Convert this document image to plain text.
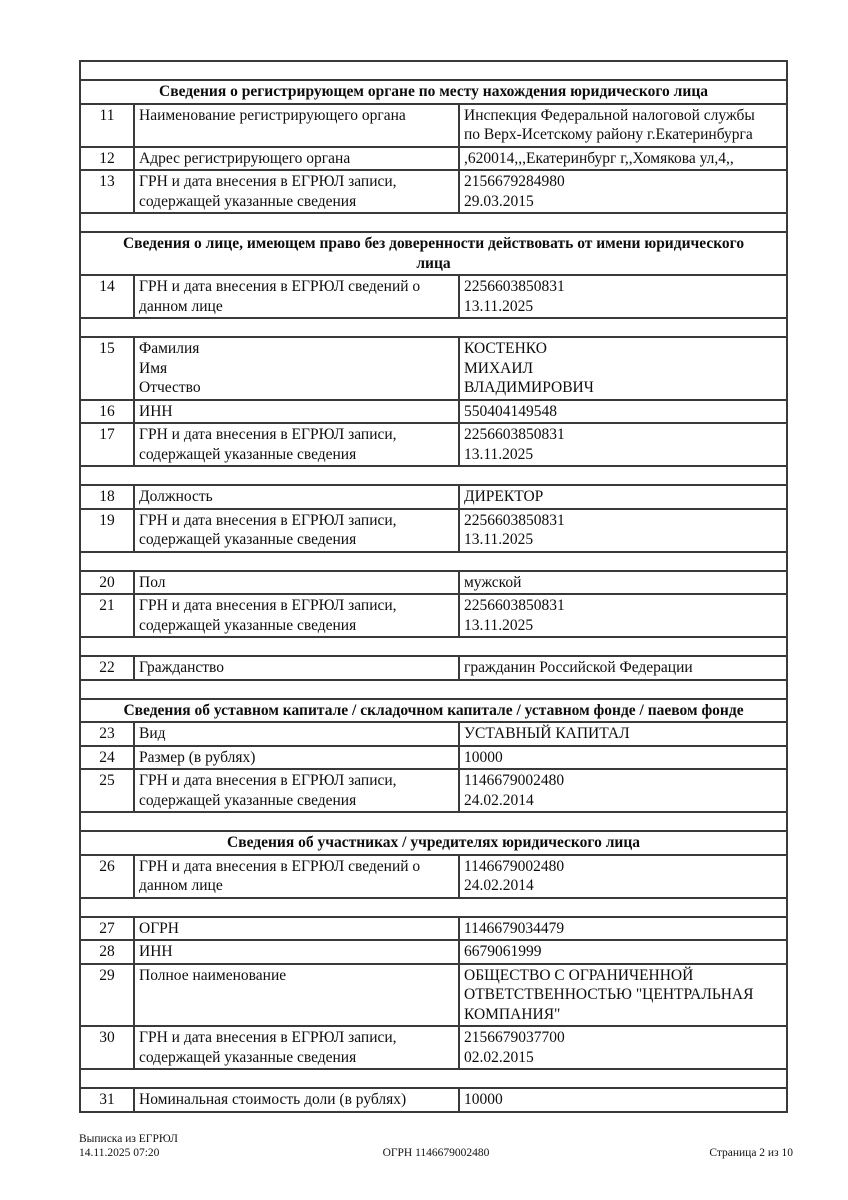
Сведения о регистрирующем органе по месту нахождения юридического лица		
11	Наименование регистрирующего органа	Инспекция Федеральной налоговой службы
по Верх-Исетскому району г.Екатеринбурга
12	Адрес регистрирующего органа	,620014,,,Екатеринбург г,,Хомякова ул,4,,
13	ГРН и дата внесения в ЕГРЮЛ записи,
содержащей указанные сведения	2156679284980
29.03.2015

Сведения о лице, имеющем право без доверенности действовать от имени юридического
лица		
14	ГРН и дата внесения в ЕГРЮЛ сведений о
данном лице	2256603850831
13.11.2025

15	Фамилия
Имя
Отчество	КОСТЕНКО
МИХАИЛ
ВЛАДИМИРОВИЧ
16	ИНН	550404149548
17	ГРН и дата внесения в ЕГРЮЛ записи,
содержащей указанные сведения	2256603850831
13.11.2025

18	Должность	ДИРЕКТОР
19	ГРН и дата внесения в ЕГРЮЛ записи,
содержащей указанные сведения	2256603850831
13.11.2025

20	Пол	мужской
21	ГРН и дата внесения в ЕГРЮЛ записи,
содержащей указанные сведения	2256603850831
13.11.2025

22	Гражданство	гражданин Российской Федерации

Сведения об уставном капитале / складочном капитале / уставном фонде / паевом фонде		
23	Вид	УСТАВНЫЙ КАПИТАЛ
24	Размер (в рублях)	10000
25	ГРН и дата внесения в ЕГРЮЛ записи,
содержащей указанные сведения	1146679002480
24.02.2014

Сведения об участниках / учредителях юридического лица		
26	ГРН и дата внесения в ЕГРЮЛ сведений о
данном лице	1146679002480
24.02.2014

27	ОГРН	1146679034479
28	ИНН	6679061999
29	Полное наименование	ОБЩЕСТВО С ОГРАНИЧЕННОЙ
ОТВЕТСТВЕННОСТЬЮ "ЦЕНТРАЛЬНАЯ
КОМПАНИЯ"
30	ГРН и дата внесения в ЕГРЮЛ записи,
содержащей указанные сведения	2156679037700
02.02.2015

31	Номинальная стоимость доли (в рублях)	10000
Выписка из ЕГРЮЛ
14.11.2025 07:20	ОГРН 1146679002480	Страница 2 из 10
